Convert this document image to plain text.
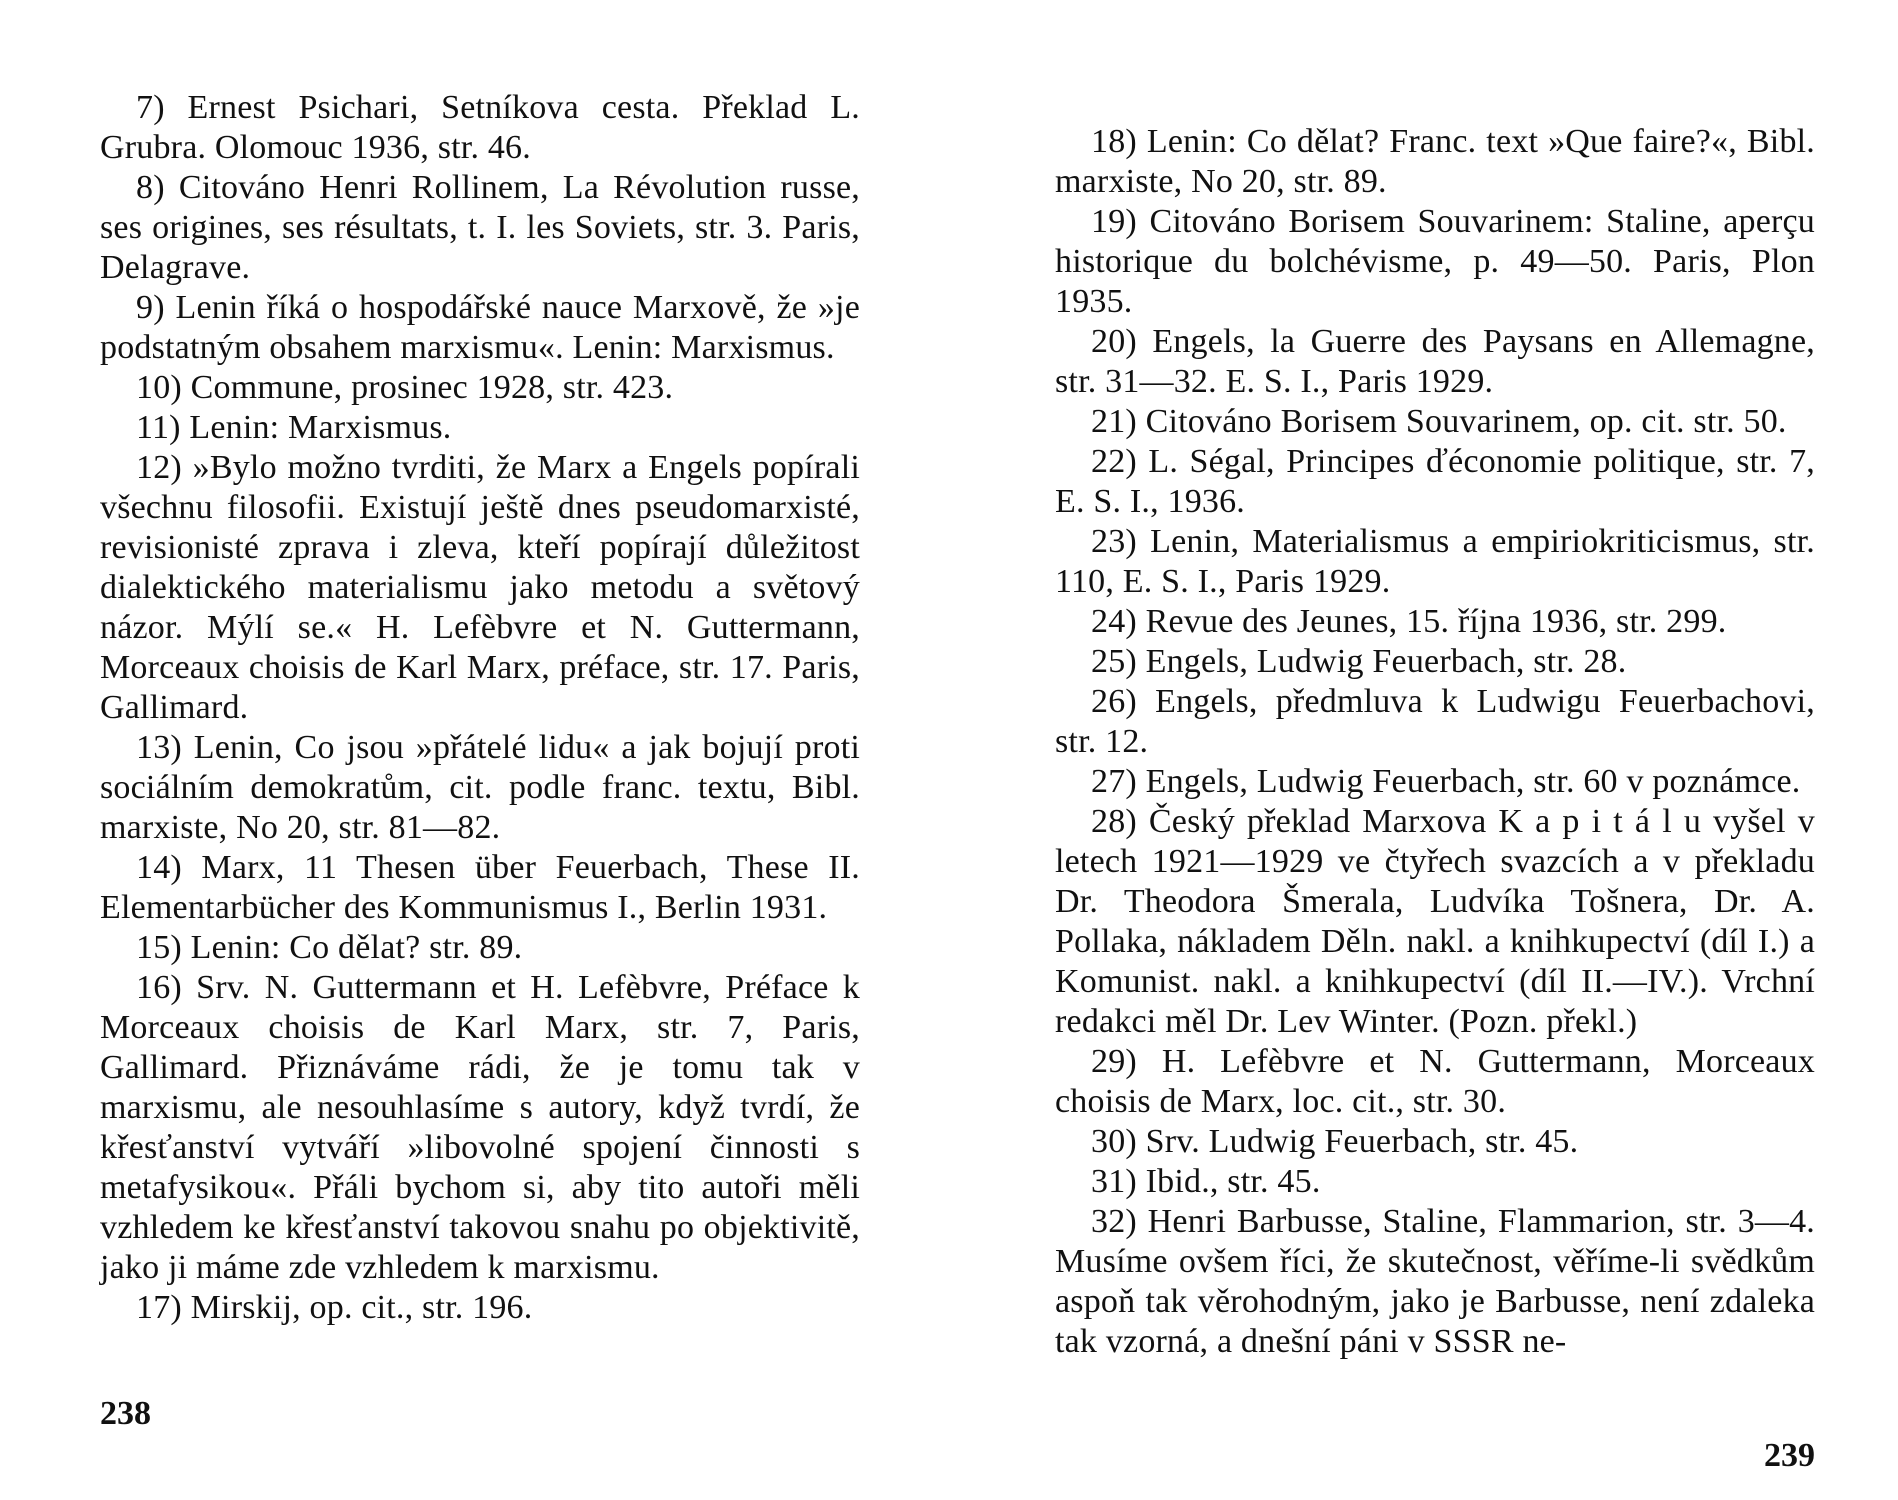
7) Ernest Psichari, Setníkova cesta. Překlad L. Grubra. Olomouc 1936, str. 46.

8) Citováno Henri Rollinem, La Révolution russe, ses origines, ses résultats, t. I. les Soviets, str. 3. Paris, Delagrave.

9) Lenin říká o hospodářské nauce Marxově, že »je podstatným obsahem marxismu«. Lenin: Marxismus.

10) Commune, prosinec 1928, str. 423.

11) Lenin: Marxismus.

12) »Bylo možno tvrditi, že Marx a Engels popírali všechnu filosofii. Existují ještě dnes pseudomarxisté, revisionisté zprava i zleva, kteří popírají důležitost dialektického materialismu jako metodu a světový názor. Mýlí se.« H. Lefèbvre et N. Guttermann, Morceaux choisis de Karl Marx, préface, str. 17. Paris, Gallimard.

13) Lenin, Co jsou »přátelé lidu« a jak bojují proti sociálním demokratům, cit. podle franc. textu, Bibl. marxiste, No 20, str. 81—82.

14) Marx, 11 Thesen über Feuerbach, These II. Elementarbücher des Kommunismus I., Berlin 1931.

15) Lenin: Co dělat? str. 89.

16) Srv. N. Guttermann et H. Lefèbvre, Préface k Morceaux choisis de Karl Marx, str. 7, Paris, Gallimard. Přiznáváme rádi, že je tomu tak v marxismu, ale nesouhlasíme s autory, když tvrdí, že křesťanství vytváří »libovolné spojení činnosti s metafysikou«. Přáli bychom si, aby tito autoři měli vzhledem ke křesťanství takovou snahu po objektivitě, jako ji máme zde vzhledem k marxismu.

17) Mirskij, op. cit., str. 196.

238

18) Lenin: Co dělat? Franc. text »Que faire?«, Bibl. marxiste, No 20, str. 89.

19) Citováno Borisem Souvarinem: Staline, aperçu historique du bolchévisme, p. 49—50. Paris, Plon 1935.

20) Engels, la Guerre des Paysans en Allemagne, str. 31—32. E. S. I., Paris 1929.

21) Citováno Borisem Souvarinem, op. cit. str. 50.

22) L. Ségal, Principes ďéconomie politique, str. 7, E. S. I., 1936.

23) Lenin, Materialismus a empiriokriticismus, str. 110, E. S. I., Paris 1929.

24) Revue des Jeunes, 15. října 1936, str. 299.

25) Engels, Ludwig Feuerbach, str. 28.

26) Engels, předmluva k Ludwigu Feuerbachovi, str. 12.

27) Engels, Ludwig Feuerbach, str. 60 v poznámce.

28) Český překlad Marxova K a p i t á l u vyšel v letech 1921—1929 ve čtyřech svazcích a v překladu Dr. Theodora Šmerala, Ludvíka Tošnera, Dr. A. Pollaka, nákladem Děln. nakl. a knihkupectví (díl I.) a Komunist. nakl. a knihkupectví (díl II.—IV.). Vrchní redakci měl Dr. Lev Winter. (Pozn. překl.)

29) H. Lefèbvre et N. Guttermann, Morceaux choisis de Marx, loc. cit., str. 30.

30) Srv. Ludwig Feuerbach, str. 45.

31) Ibid., str. 45.

32) Henri Barbusse, Staline, Flammarion, str. 3—4. Musíme ovšem říci, že skutečnost, věříme-li svědkům aspoň tak věrohodným, jako je Barbusse, není zdaleka tak vzorná, a dnešní páni v SSSR ne-

239
